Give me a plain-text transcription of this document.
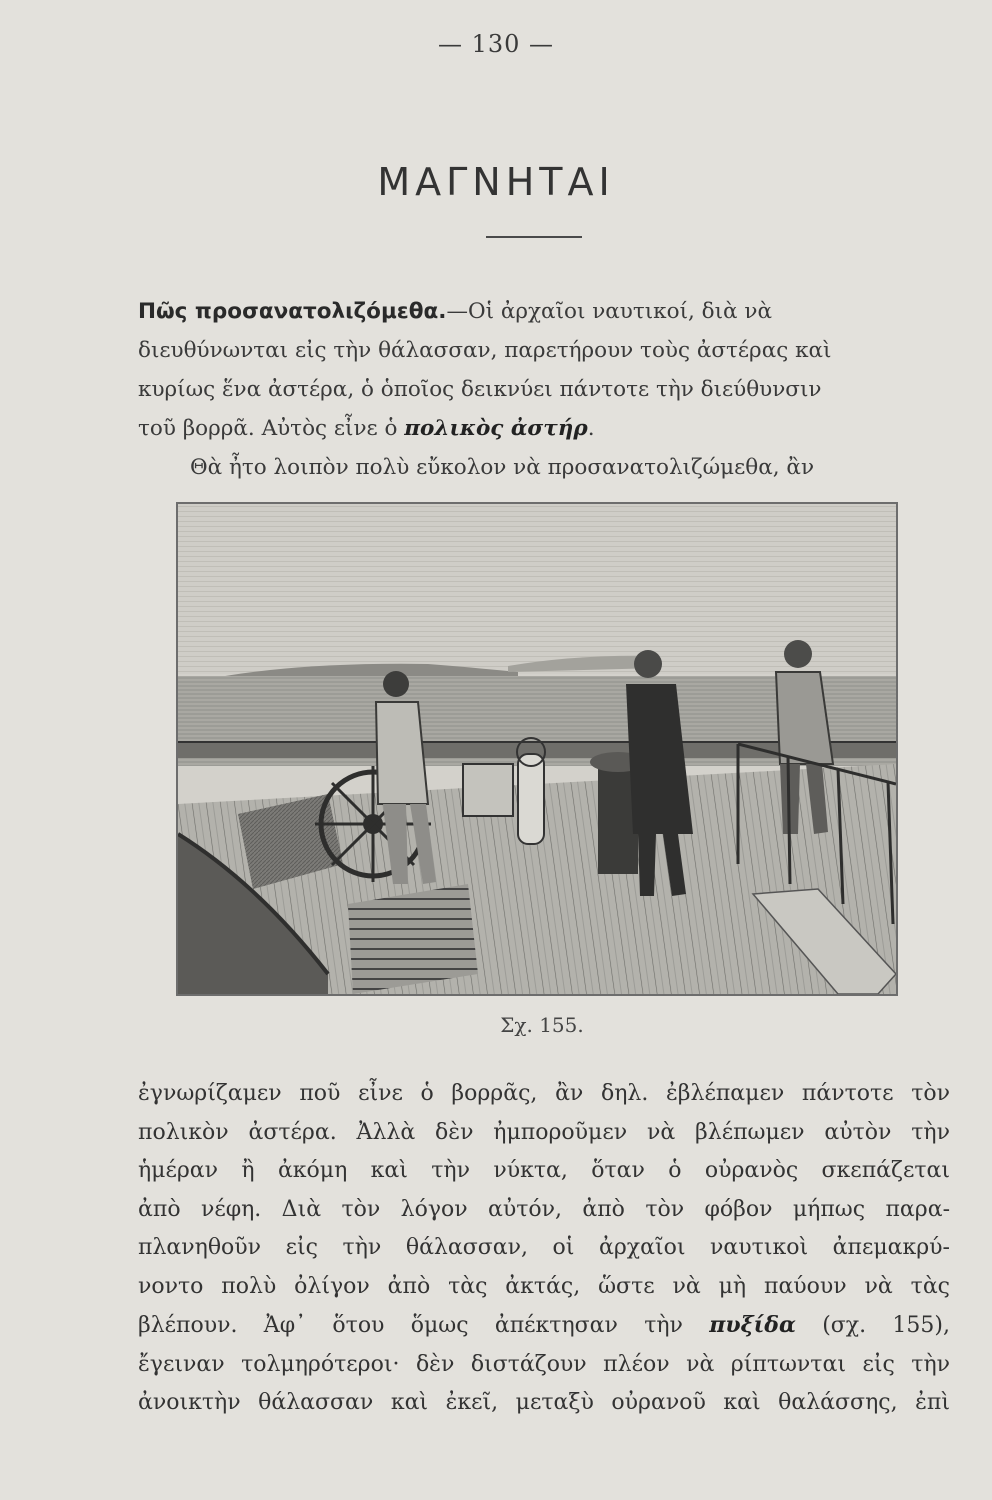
— 130 —
ΜΑΓΝΗΤΑΙ
Πῶς προσανατολιζόμεθα.—Οἱ ἀρχαῖοι ναυτικοί, διὰ νὰ
διευθύνωνται εἰς τὴν θάλασσαν, παρετήρουν τοὺς ἀστέρας καὶ
κυρίως ἕνα ἀστέρα, ὁ ὁποῖος δεικνύει πάντοτε τὴν διεύθυνσιν
τοῦ βορρᾶ. Αὐτὸς εἶνε ὁ πολικὸς ἀστήρ.
Θὰ ἦτο λοιπὸν πολὺ εὔκολον νὰ προσανατολιζώμεθα, ἂν
Σχ. 155.
ἐγνωρίζαμεν ποῦ εἶνε ὁ βορρᾶς, ἂν δηλ. ἐβλέπαμεν πάντοτε τὸν
πολικὸν ἀστέρα. Ἀλλὰ δὲν ἠμποροῦμεν νὰ βλέπωμεν αὐτὸν τὴν
ἡμέραν ἢ ἀκόμη καὶ τὴν νύκτα, ὅταν ὁ οὐρανὸς σκεπάζεται
ἀπὸ νέφη. Διὰ τὸν λόγον αὐτόν, ἀπὸ τὸν φόβον μήπως παρα-
πλανηθοῦν εἰς τὴν θάλασσαν, οἱ ἀρχαῖοι ναυτικοὶ ἀπεμακρύ-
νοντο πολὺ ὀλίγον ἀπὸ τὰς ἀκτάς, ὥστε νὰ μὴ παύουν νὰ τὰς
βλέπουν. Ἀφ᾽ ὅτου ὅμως ἀπέκτησαν τὴν πυξίδα (σχ. 155),
ἔγειναν τολμηρότεροι· δὲν διστάζουν πλέον νὰ ρίπτωνται εἰς τὴν
ἀνοικτὴν θάλασσαν καὶ ἐκεῖ, μεταξὺ οὐρανοῦ καὶ θαλάσσης, ἐπὶ
